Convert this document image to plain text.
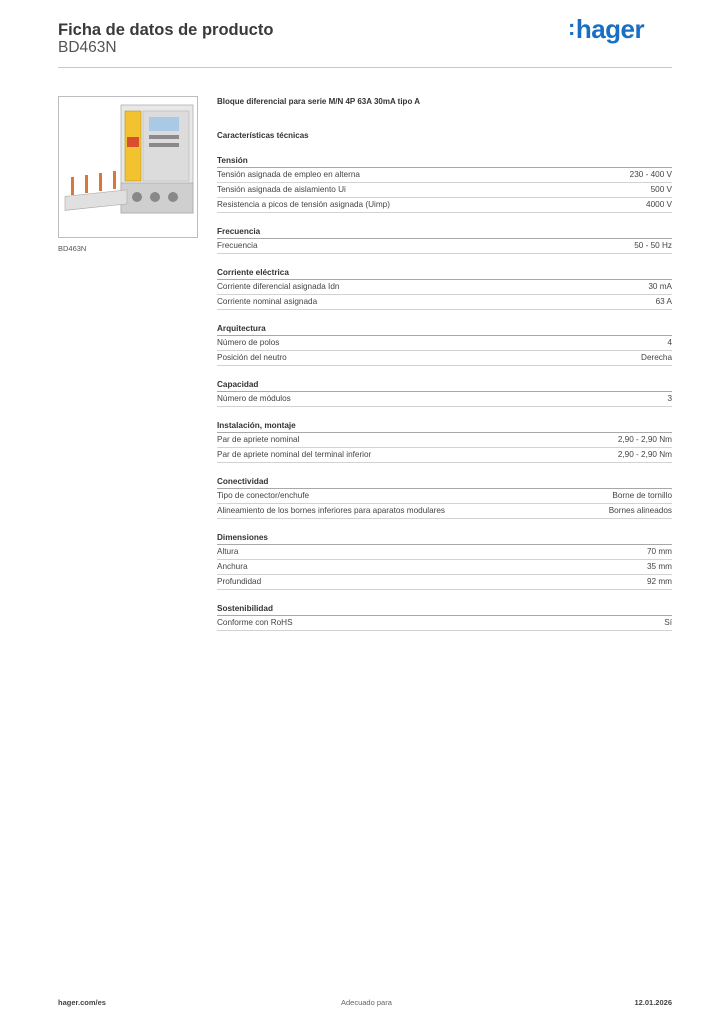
Ficha de datos de producto
BD463N
:hager
BD463N
Bloque diferencial para serie M/N 4P 63A 30mA tipo A
Características técnicas
Tensión
Tensión asignada de empleo en alterna	230 - 400 V
Tensión asignada de aislamiento Ui	500 V
Resistencia a picos de tensión asignada (Uimp)	4000 V
Frecuencia
Frecuencia	50 - 50 Hz
Corriente eléctrica
Corriente diferencial asignada Idn	30 mA
Corriente nominal asignada	63 A
Arquitectura
Número de polos	4
Posición del neutro	Derecha
Capacidad
Número de módulos	3
Instalación, montaje
Par de apriete nominal	2,90 - 2,90 Nm
Par de apriete nominal del terminal inferior	2,90 - 2,90 Nm
Conectividad
Tipo de conector/enchufe	Borne de tornillo
Alineamiento de los bornes inferiores para aparatos modulares	Bornes alineados
Dimensiones
Altura	70 mm
Anchura	35 mm
Profundidad	92 mm
Sostenibilidad
Conforme con RoHS	Sí
hager.com/es	Adecuado para	12.01.2026
